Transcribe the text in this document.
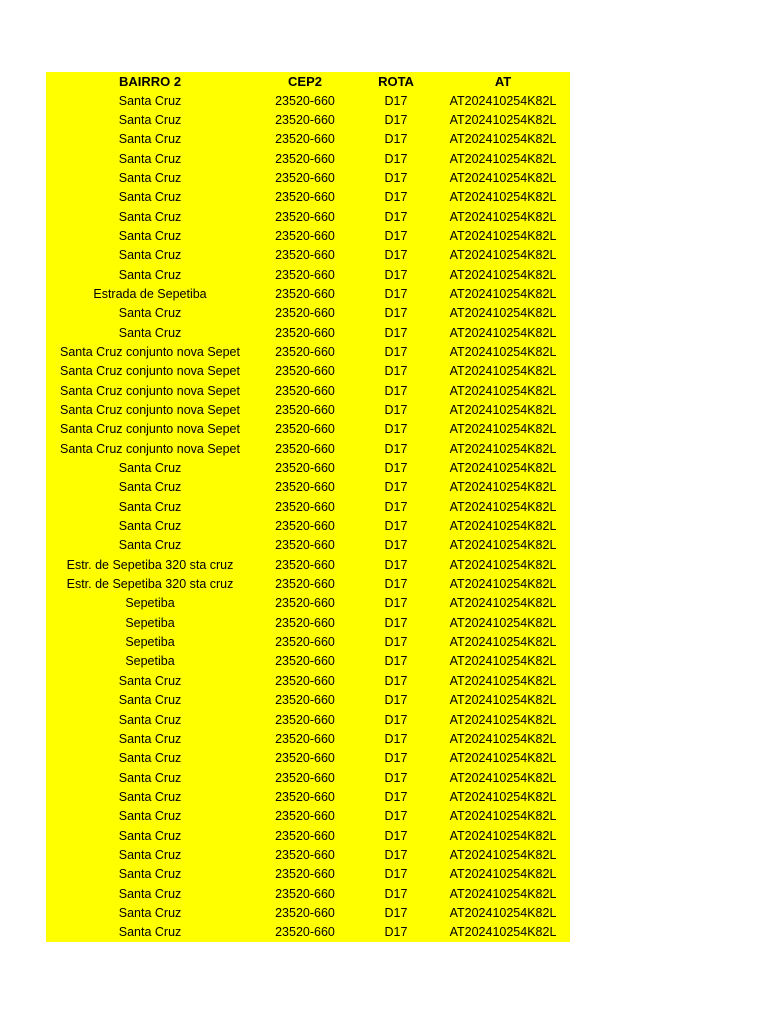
BAIRRO 2	CEP2	ROTA	AT
Santa Cruz	23520-660	D17	AT202410254K82L
Santa Cruz	23520-660	D17	AT202410254K82L
Santa Cruz	23520-660	D17	AT202410254K82L
Santa Cruz	23520-660	D17	AT202410254K82L
Santa Cruz	23520-660	D17	AT202410254K82L
Santa Cruz	23520-660	D17	AT202410254K82L
Santa Cruz	23520-660	D17	AT202410254K82L
Santa Cruz	23520-660	D17	AT202410254K82L
Santa Cruz	23520-660	D17	AT202410254K82L
Santa Cruz	23520-660	D17	AT202410254K82L
Estrada de Sepetiba	23520-660	D17	AT202410254K82L
Santa Cruz	23520-660	D17	AT202410254K82L
Santa Cruz	23520-660	D17	AT202410254K82L
Santa Cruz conjunto nova Sepet	23520-660	D17	AT202410254K82L
Santa Cruz conjunto nova Sepet	23520-660	D17	AT202410254K82L
Santa Cruz conjunto nova Sepet	23520-660	D17	AT202410254K82L
Santa Cruz conjunto nova Sepet	23520-660	D17	AT202410254K82L
Santa Cruz conjunto nova Sepet	23520-660	D17	AT202410254K82L
Santa Cruz conjunto nova Sepet	23520-660	D17	AT202410254K82L
Santa Cruz	23520-660	D17	AT202410254K82L
Santa Cruz	23520-660	D17	AT202410254K82L
Santa Cruz	23520-660	D17	AT202410254K82L
Santa Cruz	23520-660	D17	AT202410254K82L
Santa Cruz	23520-660	D17	AT202410254K82L
Estr. de Sepetiba 320 sta cruz	23520-660	D17	AT202410254K82L
Estr. de Sepetiba 320 sta cruz	23520-660	D17	AT202410254K82L
Sepetiba	23520-660	D17	AT202410254K82L
Sepetiba	23520-660	D17	AT202410254K82L
Sepetiba	23520-660	D17	AT202410254K82L
Sepetiba	23520-660	D17	AT202410254K82L
Santa Cruz	23520-660	D17	AT202410254K82L
Santa Cruz	23520-660	D17	AT202410254K82L
Santa Cruz	23520-660	D17	AT202410254K82L
Santa Cruz	23520-660	D17	AT202410254K82L
Santa Cruz	23520-660	D17	AT202410254K82L
Santa Cruz	23520-660	D17	AT202410254K82L
Santa Cruz	23520-660	D17	AT202410254K82L
Santa Cruz	23520-660	D17	AT202410254K82L
Santa Cruz	23520-660	D17	AT202410254K82L
Santa Cruz	23520-660	D17	AT202410254K82L
Santa Cruz	23520-660	D17	AT202410254K82L
Santa Cruz	23520-660	D17	AT202410254K82L
Santa Cruz	23520-660	D17	AT202410254K82L
Santa Cruz	23520-660	D17	AT202410254K82L
